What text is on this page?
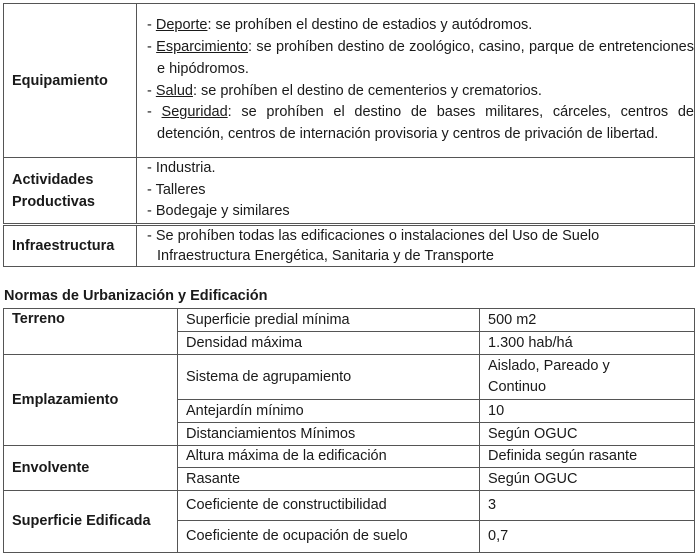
Equipamiento	- Deporte: se prohíben el destino de estadios y autódromos.
- Esparcimiento: se prohíben destino de zoológico, casino, parque de entretenciones e hipódromos.
- Salud: se prohíben el destino de cementerios y crematorios.
- Seguridad: se prohíben el destino de bases militares, cárceles, centros de detención, centros de internación provisoria y centros de privación de libertad.

Actividades Productivas	- Industria.
- Talleres
- Bodegaje y similares

Infraestructura	- Se prohíben todas las edificaciones o instalaciones del Uso de Suelo Infraestructura Energética, Sanitaria y de Transporte
Normas de Urbanización y Edificación
Terreno	Superficie predial mínima	500 m2
	Densidad máxima	1.300 hab/há
Emplazamiento	Sistema de agrupamiento	Aislado, Pareado y Continuo
	Antejardín mínimo	10
	Distanciamientos Mínimos	Según OGUC
Envolvente	Altura máxima de la edificación	Definida según rasante
	Rasante	Según OGUC
Superficie Edificada	Coeficiente de constructibilidad	3
	Coeficiente de ocupación de suelo	0,7
